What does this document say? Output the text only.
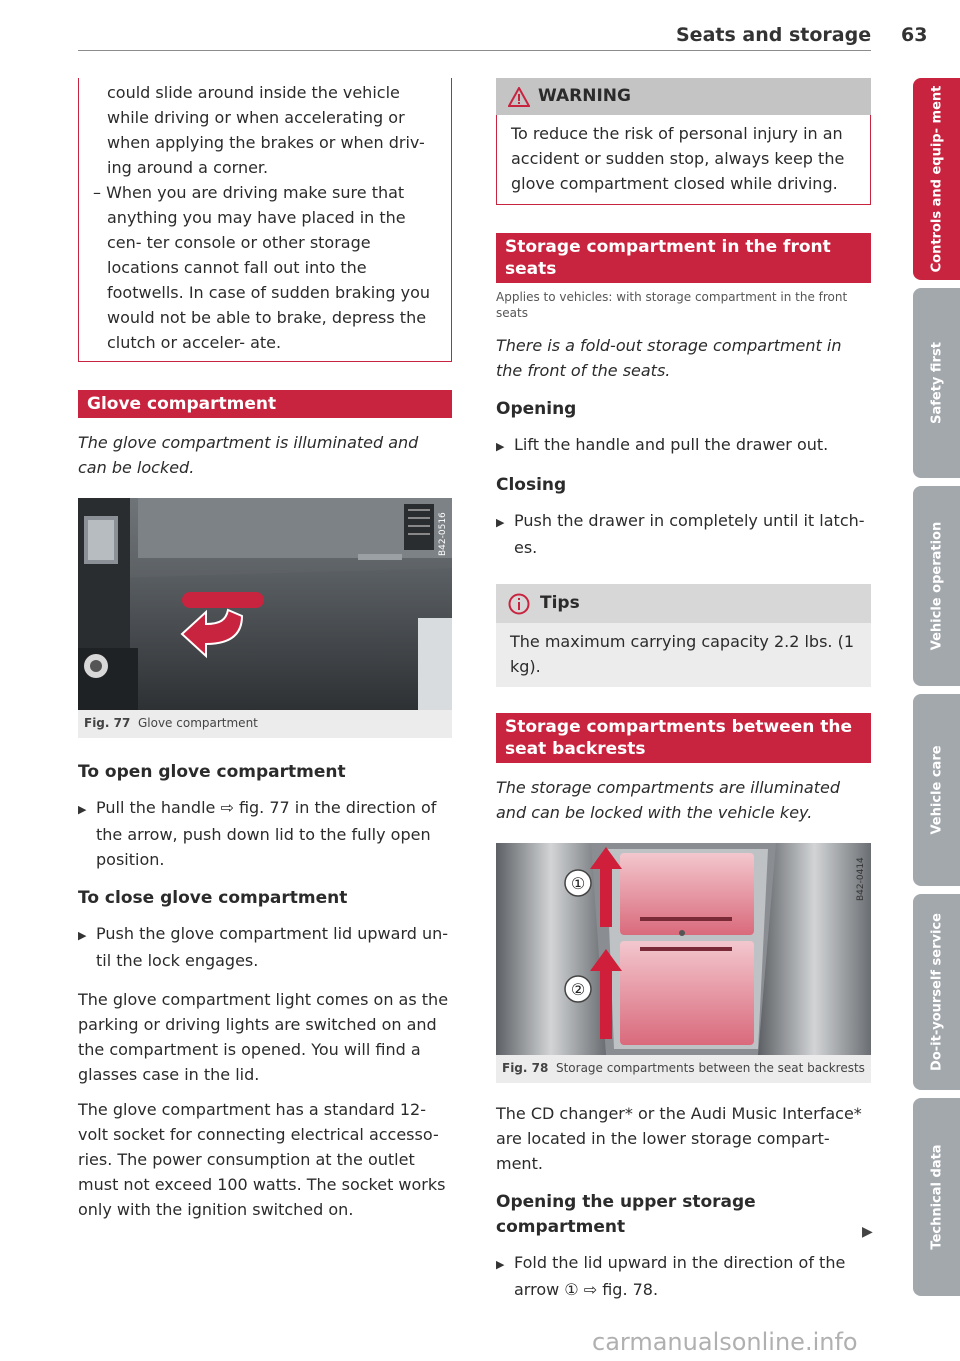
Seats and storage 63

could slide around inside the vehicle while driving or when accelerating or when applying the brakes or when driv- ing around a corner.

– When you are driving make sure that anything you may have placed in the cen- ter console or other storage locations cannot fall out into the footwells. In case of sudden braking you would not be able to brake, depress the clutch or acceler- ate.

Glove compartment

The glove compartment is illuminated and can be locked.

B42-0516
Fig. 77 Glove compartment
To open glove compartment

▶ Pull the handle ⇨ fig. 77 in the direction of the arrow, push down lid to the fully open position.

To close glove compartment

▶ Push the glove compartment lid upward un- til the lock engages.

The glove compartment light comes on as the parking or driving lights are switched on and the compartment is opened. You will find a glasses case in the lid.

The glove compartment has a standard 12- volt socket for connecting electrical accesso- ries. The power consumption at the outlet must not exceed 100 watts. The socket works only with the ignition switched on.

WARNING
To reduce the risk of personal injury in an accident or sudden stop, always keep the glove compartment closed while driving.
Storage compartment in the front seats

Applies to vehicles: with storage compartment in the front seats

There is a fold-out storage compartment in the front of the seats.

Opening

▶ Lift the handle and pull the drawer out.

Closing

▶ Push the drawer in completely until it latch- es.

Tips
The maximum carrying capacity 2.2 lbs. (1 kg).
Storage compartments between the seat backrests

The storage compartments are illuminated and can be locked with the vehicle key.

①
②
B42-0414
Fig. 78 Storage compartments between the seat backrests

The CD changer* or the Audi Music Interface* are located in the lower storage compart- ment.

Opening the upper storage compartment

▶ Fold the lid upward in the direction of the arrow ① ⇨ fig. 78.

▶
Controls and equip- ment
Safety first
Vehicle operation
Vehicle care
Do-it-yourself service
Technical data
carmanualsonline.info
